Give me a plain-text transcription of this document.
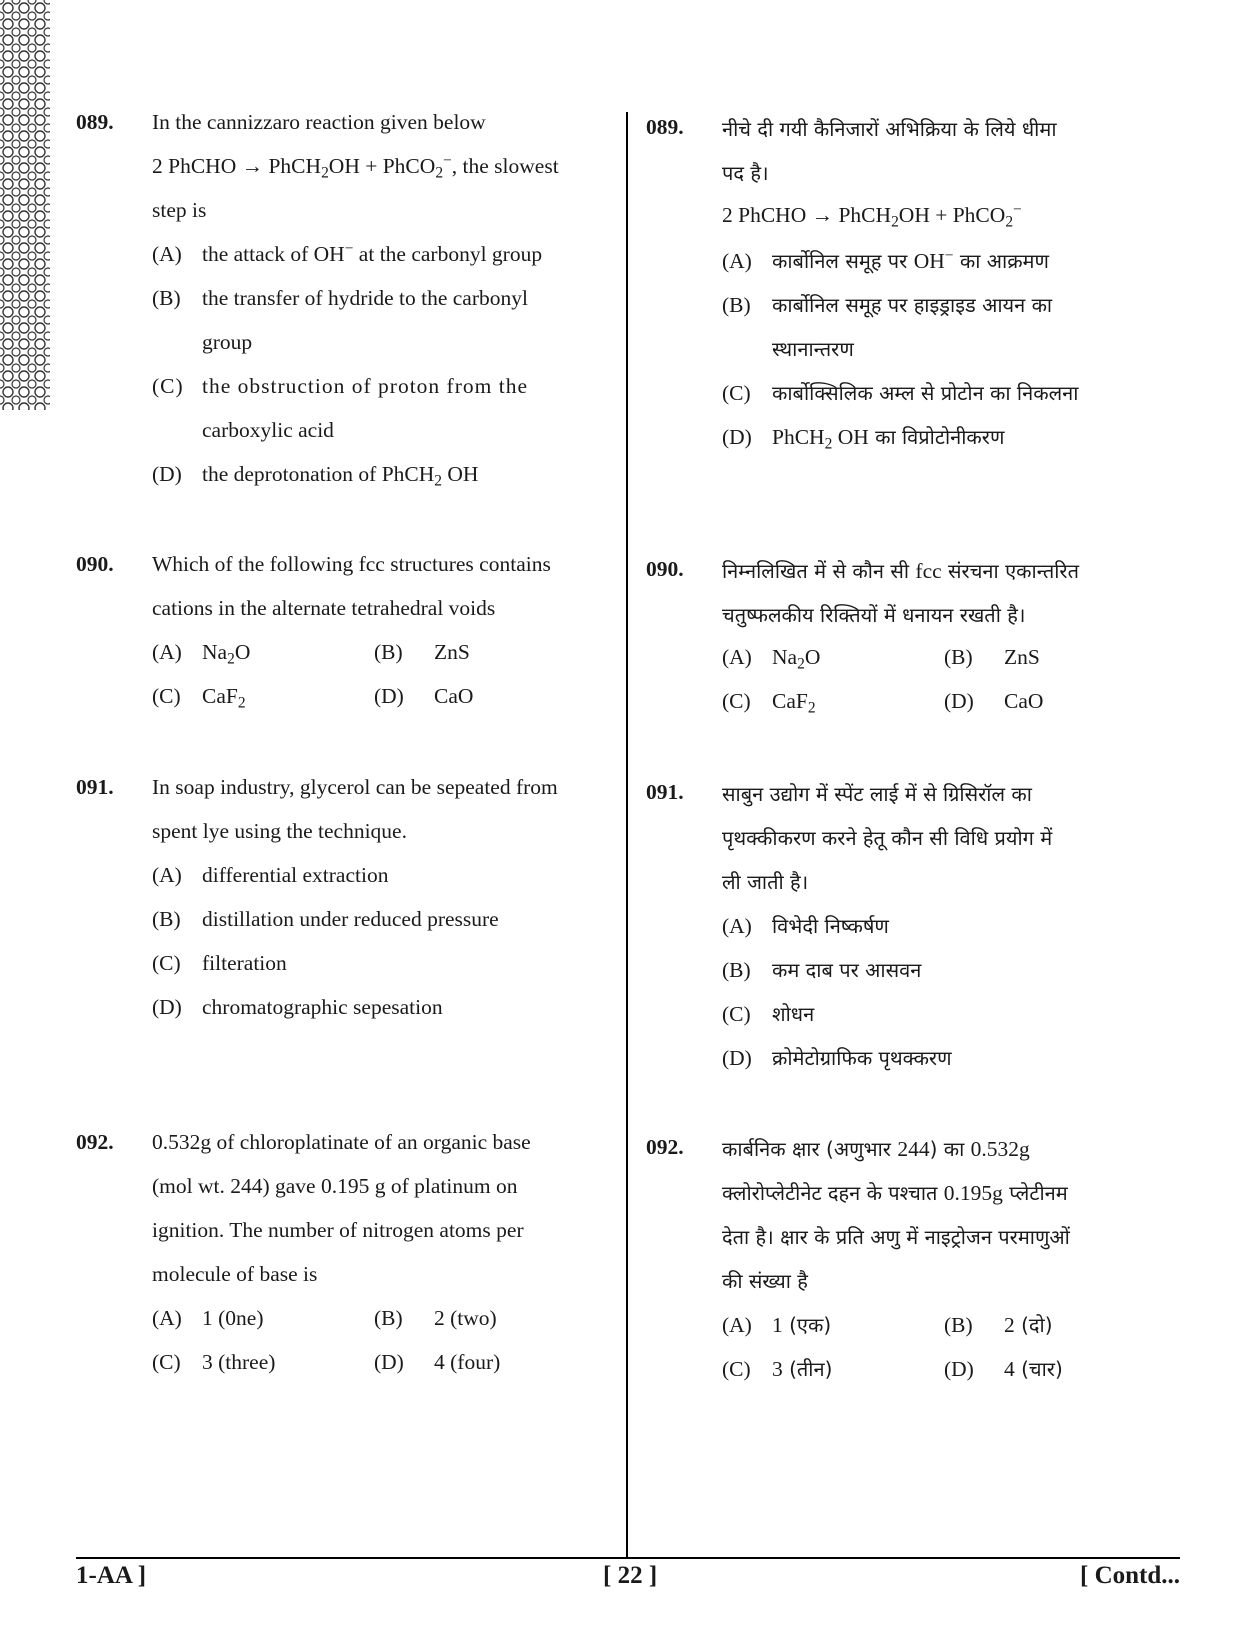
089. In the cannizzaro reaction given below
2 PhCHO → PhCH$_2$OH + PhCO$_2$−, the slowest
step is
(A) the attack of OH− at the carbonyl group
(B) the transfer of hydride to the carbonyl
group
(C) the obstruction of proton from the
carboxylic acid
(D) the deprotonation of PhCH$_2$ OH
090. Which of the following fcc structures contains
cations in the alternate tetrahedral voids
(A) $Na_2O$	(B) ZnS
(C) CaF$_2$	(D) CaO
091. In soap industry, glycerol can be sepeated from
spent lye using the technique.
(A) differential extraction
(B) distillation under reduced pressure
(C) filteration
(D) chromatographic sepesation
092. 0.532g of chloroplatinate of an organic base
(mol wt. 244) gave 0.195 g of platinum on
ignition. The number of nitrogen atoms per
molecule of base is
(A) 1 (0ne)	(B) 2 (two)
(C) 3 (three)	(D) 4 (four)
089. नीचे दी गयी कैनिजारों अभिक्रिया के लिये धीमा
पद है।
2 PhCHO → PhCH$_2$OH + PhCO$_2$−
(A) कार्बोनिल समूह पर OH− का आक्रमण
(B) कार्बोनिल समूह पर हाइड्राइड आयन का
स्थानान्तरण
(C) कार्बोक्सिलिक अम्ल से प्रोटोन का निकलना
(D) PhCH$_2$ OH का विप्रोटोनीकरण
090. निम्नलिखित में से कौन सी fcc संरचना एकान्तरित
चतुष्फलकीय रिक्तियों में धनायन रखती है।
(A) $Na_2O$	(B) ZnS
(C) CaF$_2$	(D) CaO
091. साबुन उद्योग में स्पेंट लाई में से ग्रिसिरॉल का
पृथक्कीकरण करने हेतू कौन सी विधि प्रयोग में
ली जाती है।
(A) विभेदी निष्कर्षण
(B) कम दाब पर आसवन
(C) शोधन
(D) क्रोमेटोग्राफिक पृथक्करण
092. कार्बनिक क्षार (अणुभार 244) का 0.532g
क्लोरोप्लेटीनेट दहन के पश्चात 0.195g प्लेटीनम
देता है। क्षार के प्रति अणु में नाइट्रोजन परमाणुओं
की संख्या है
(A) 1 (एक)	(B) 2 (दो)
(C) 3 (तीन)	(D) 4 (चार)
1-AA ]	[ 22 ]	[ Contd...
